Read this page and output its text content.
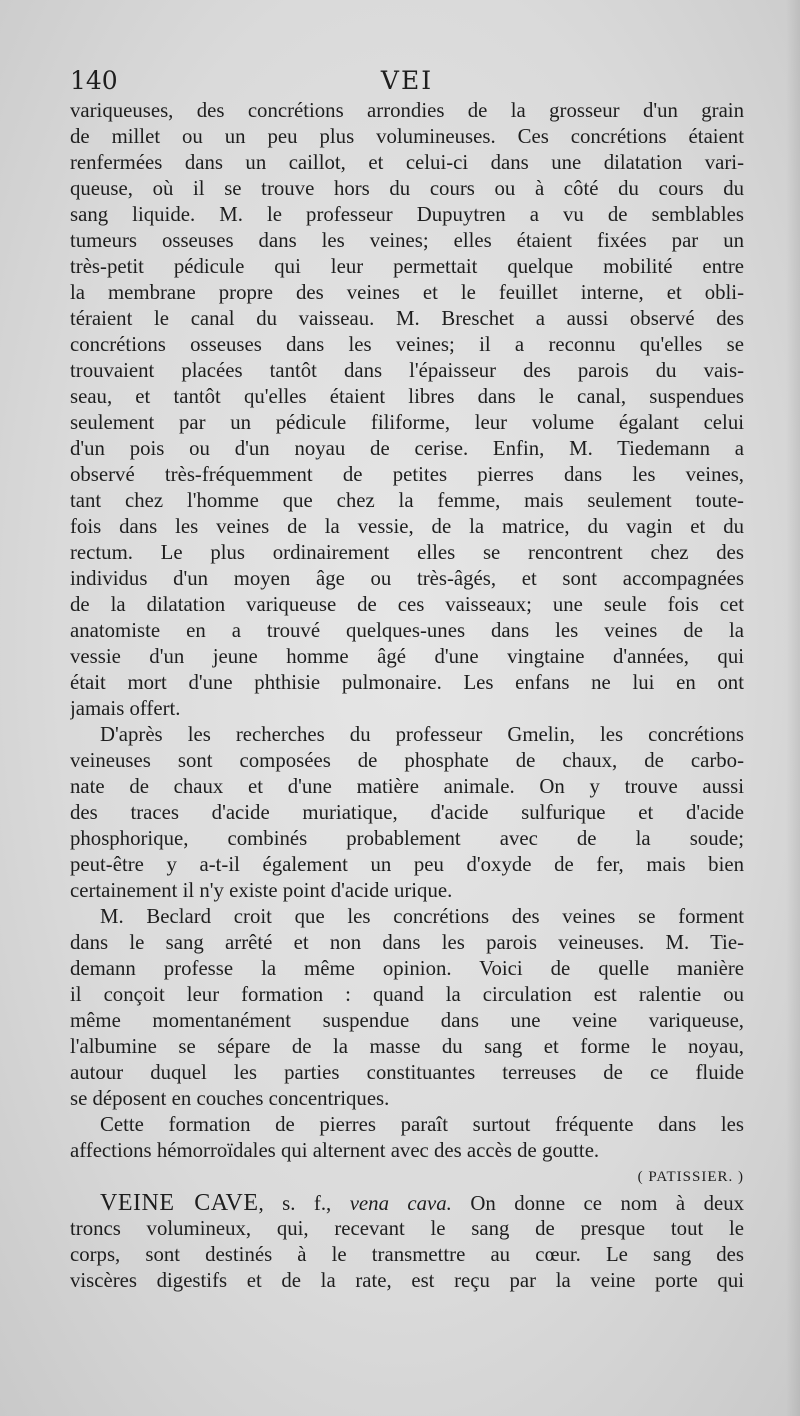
140	VEI
variqueuses, des concrétions arrondies de la grosseur d'un grain
de millet ou un peu plus volumineuses. Ces concrétions étaient
renfermées dans un caillot, et celui-ci dans une dilatation vari-
queuse, où il se trouve hors du cours ou à côté du cours du
sang liquide. M. le professeur Dupuytren a vu de semblables
tumeurs osseuses dans les veines; elles étaient fixées par un
très-petit pédicule qui leur permettait quelque mobilité entre
la membrane propre des veines et le feuillet interne, et obli-
téraient le canal du vaisseau. M. Breschet a aussi observé des
concrétions osseuses dans les veines; il a reconnu qu'elles se
trouvaient placées tantôt dans l'épaisseur des parois du vais-
seau, et tantôt qu'elles étaient libres dans le canal, suspendues
seulement par un pédicule filiforme, leur volume égalant celui
d'un pois ou d'un noyau de cerise. Enfin, M. Tiedemann a
observé très-fréquemment de petites pierres dans les veines,
tant chez l'homme que chez la femme, mais seulement toute-
fois dans les veines de la vessie, de la matrice, du vagin et du
rectum. Le plus ordinairement elles se rencontrent chez des
individus d'un moyen âge ou très-âgés, et sont accompagnées
de la dilatation variqueuse de ces vaisseaux; une seule fois cet
anatomiste en a trouvé quelques-unes dans les veines de la
vessie d'un jeune homme âgé d'une vingtaine d'années, qui
était mort d'une phthisie pulmonaire. Les enfans ne lui en ont
jamais offert.
D'après les recherches du professeur Gmelin, les concrétions
veineuses sont composées de phosphate de chaux, de carbo-
nate de chaux et d'une matière animale. On y trouve aussi
des traces d'acide muriatique, d'acide sulfurique et d'acide
phosphorique, combinés probablement avec de la soude;
peut-être y a-t-il également un peu d'oxyde de fer, mais bien
certainement il n'y existe point d'acide urique.
M. Beclard croit que les concrétions des veines se forment
dans le sang arrêté et non dans les parois veineuses. M. Tie-
demann professe la même opinion. Voici de quelle manière
il conçoit leur formation : quand la circulation est ralentie ou
même momentanément suspendue dans une veine variqueuse,
l'albumine se sépare de la masse du sang et forme le noyau,
autour duquel les parties constituantes terreuses de ce fluide
se déposent en couches concentriques.
Cette formation de pierres paraît surtout fréquente dans les
affections hémorroïdales qui alternent avec des accès de goutte.
( PATISSIER. )
VEINE CAVE, s. f., vena cava. On donne ce nom à deux
troncs volumineux, qui, recevant le sang de presque tout le
corps, sont destinés à le transmettre au cœur. Le sang des
viscères digestifs et de la rate, est reçu par la veine porte qui
